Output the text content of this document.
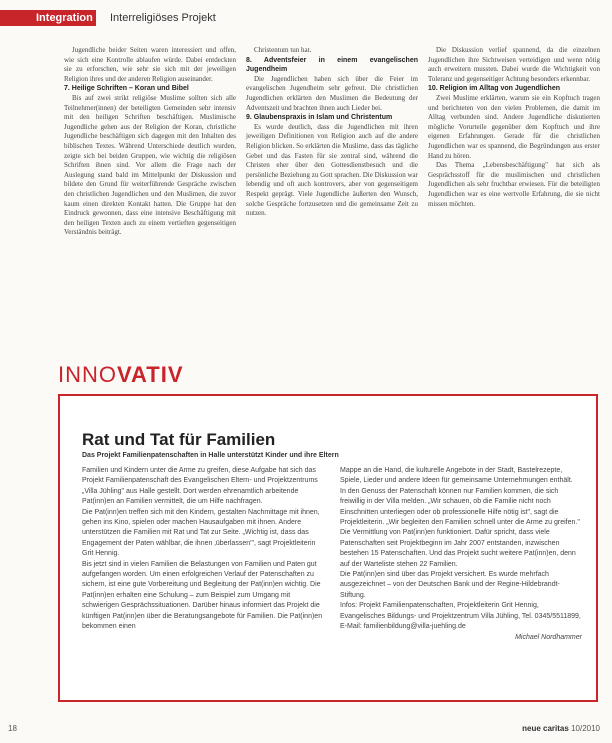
Integration Interreligiöses Projekt

Jugendliche beider Seiten waren interessiert und offen, wie sich eine Kontrolle ablaufen würde. Dabei entdeckten sie zu erforschen, wie sehr sie sich mit der jeweiligen Religion ihres und der anderen Religion auseinander.

7. Heilige Schriften – Koran und Bibel

Bis auf zwei strikt religiöse Muslime sollten sich alle Teilnehmer(innen) der beteiligten Gemeinden sehr intensiv mit den heiligen Schriften beschäftigen. Muslimische Jugendliche gehen aus der Religion der Koran, christliche Jugendliche beschäftigen sich dagegen mit den Inhalten des biblischen Textes. Während Unterschiede deutlich wurden, zeigte sich bei beiden Gruppen, wie wichtig die religiösen Schriften ihnen sind. Vor allem die Frage nach der Auslegung stand bald im Mittelpunkt der Diskussion und bildete den Grund für weiterführende Gespräche zwischen den christlichen Jugendlichen und den Muslimen, die zuvor kaum einen direkten Kontakt hatten. Die Gruppe hat den Eindruck gewonnen, dass eine intensive Beschäftigung mit den heiligen Texten auch zu einem vertieften gegenseitigen Verständnis beiträgt.

Christentum tun hat.

8. Adventsfeier in einem evangelischen Jugendheim

Die Jugendlichen haben sich über die Feier im evangelischen Jugendheim sehr gefreut. Die christlichen Jugendlichen erklärten den Muslimen die Bedeutung der Adventszeit und brachten ihnen auch Lieder bei.

9. Glaubenspraxis in Islam und Christentum

Es wurde deutlich, dass die Jugendlichen mit ihren jeweiligen Definitionen von Religion auch auf die andere Religion blicken. So erklärten die Muslime, dass das tägliche Gebet und das Fasten für sie zentral sind, während die Christen eher über den Gottesdienstbesuch und die persönliche Beziehung zu Gott sprachen. Die Diskussion war lebendig und oft auch kontrovers, aber von gegenseitigem Respekt geprägt. Viele Jugendliche äußerten den Wunsch, solche Gespräche fortzusetzen und die gemeinsame Zeit zu nutzen.

Die Diskussion verlief spannend, da die einzelnen Jugendlichen ihre Sichtweisen verteidigen und wenn nötig auch erweitern mussten. Dabei wurde die Wichtigkeit von Toleranz und gegenseitiger Achtung besonders erkennbar.

10. Religion im Alltag von Jugendlichen

Zwei Muslime erklärten, warum sie ein Kopftuch tragen und berichteten von den vielen Problemen, die damit im Alltag verbunden sind. Andere Jugendliche diskutierten mögliche Vorurteile gegenüber dem Kopftuch und ihre eigenen Erfahrungen. Gerade für die christlichen Jugendlichen war es spannend, die Begründungen aus erster Hand zu hören.

Das Thema „Lebensbeschäftigung" hat sich als Gesprächsstoff für die muslimischen und christlichen Jugendlichen als sehr fruchtbar erwiesen. Für die beteiligten Jugendlichen war es eine wertvolle Erfahrung, die sie nicht missen möchten.

INNOVATIV
Rat und Tat für Familien
Das Projekt Familienpatenschaften in Halle unterstützt Kinder und ihre Eltern

Familien und Kindern unter die Arme zu greifen, diese Aufgabe hat sich das Projekt Familienpatenschaft des Evangelischen Eltern- und Projektzentrums „Villa Jühling" aus Halle gestellt. Dort werden ehrenamtlich arbeitende Pat(inn)en an Familien vermittelt, die um Hilfe nachfragen.

Die Pat(inn)en treffen sich mit den Kindern, gestalten Nachmittage mit ihnen, gehen ins Kino, spielen oder machen Hausaufgaben mit ihnen. Andere unterstützen die Familien mit Rat und Tat zur Seite. „Wichtig ist, dass das Engagement der Paten wählbar, die ihnen ‚überlassen'", sagt Projektleiterin Grit Hennig.

Bis jetzt sind in vielen Familien die Belastungen von Familien und Paten gut aufgefangen worden. Um einen erfolgreichen Verlauf der Patenschaften zu sichern, ist eine gute Vorbereitung und Begleitung der Pat(inn)en wichtig. Die Pat(inn)en erhalten eine Schulung – zum Beispiel zum Umgang mit schwierigen Gesprächssituationen. Darüber hinaus informiert das Projekt die künftigen Pat(inn)en über die Beratungsangebote für Familien. Die Pat(inn)en bekommen einen

Mappe an die Hand, die kulturelle Angebote in der Stadt, Bastelrezepte, Spiele, Lieder und andere Ideen für gemeinsame Unternehmungen enthält.

In den Genuss der Patenschaft können nur Familien kommen, die sich freiwillig in der Villa melden. „Wir schauen, ob die Familie nicht noch Einschnitten unterliegen oder ob professionelle Hilfe nötig ist", sagt die Projektleiterin. „Wir begleiten den Familien schnell unter die Arme zu greifen."

Die Vermittlung von Pat(inn)en funktioniert. Dafür spricht, dass viele Patenschaften seit Projektbeginn im Jahr 2007 entstanden, inzwischen bestehen 15 Patenschaften. Und das Projekt sucht weitere Pat(inn)en, denn auf der Warteliste stehen 22 Familien.

Die Pat(inn)en sind über das Projekt versichert. Es wurde mehrfach ausgezeichnet – von der Deutschen Bank und der Regine-Hildebrandt-Stiftung.

Infos: Projekt Familienpatenschaften, Projektleiterin Grit Hennig, Evangelisches Bildungs- und Projektzentrum Villa Jühling, Tel. 0345/5511899, E-Mail: familienbildung@villa-juehling.de

Michael Nordhammer

18	neue caritas 10/2010
